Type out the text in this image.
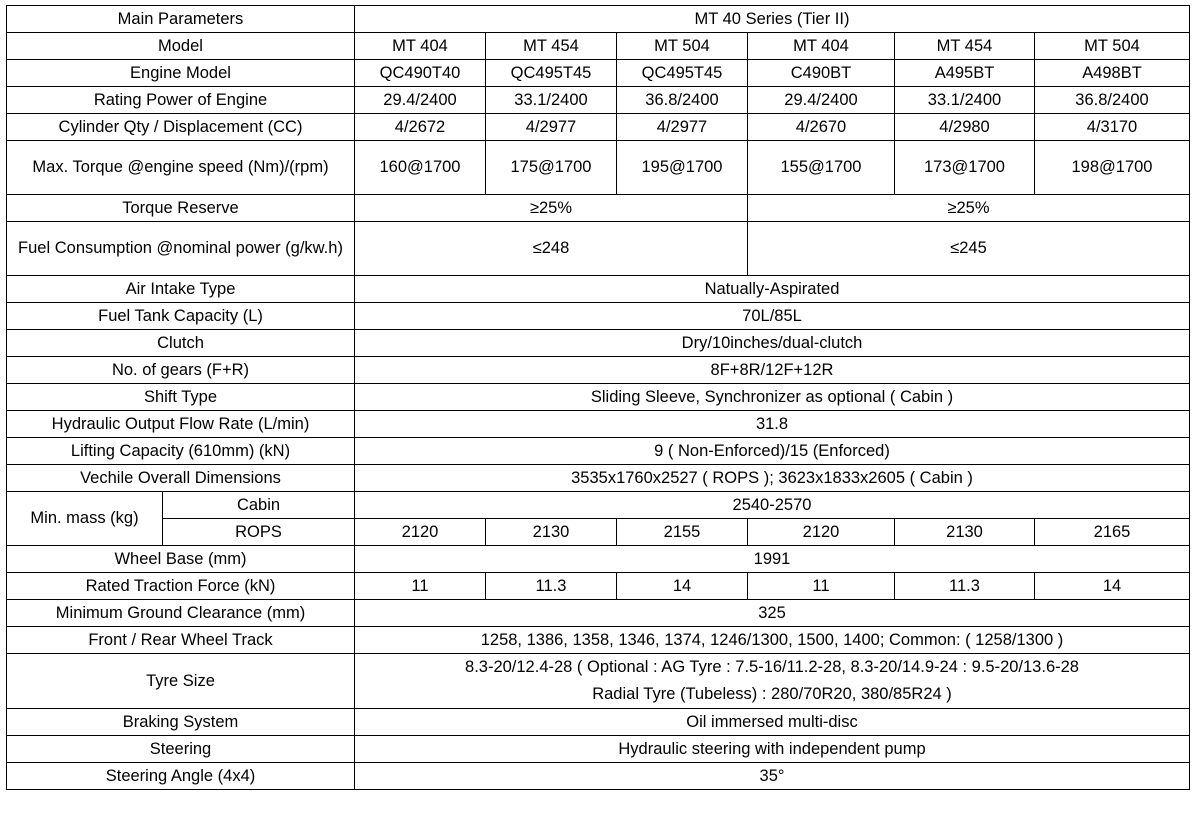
Main Parameters		MT 40 Series (Tier II)					
Model		MT 404	MT 454	MT 504	MT 404	MT 454	MT 504
Engine Model		QC490T40	QC495T45	QC495T45	C490BT	A495BT	A498BT
Rating Power of Engine		29.4/2400	33.1/2400	36.8/2400	29.4/2400	33.1/2400	36.8/2400
Cylinder Qty / Displacement (CC)		4/2672	4/2977	4/2977	4/2670	4/2980	4/3170
Max. Torque @engine speed (Nm)/(rpm)		160@1700	175@1700	195@1700	155@1700	173@1700	198@1700
Torque Reserve		≥25%			≥25%		
Fuel Consumption @nominal power (g/kw.h)		≤248			≤245		
Air Intake Type		Natually-Aspirated					
Fuel Tank Capacity (L)		70L/85L					
Clutch		Dry/10inches/dual-clutch					
No. of gears (F+R)		8F+8R/12F+12R					
Shift Type		Sliding Sleeve, Synchronizer as optional ( Cabin )					
Hydraulic Output Flow Rate (L/min)		31.8					
Lifting Capacity (610mm) (kN)		9 ( Non-Enforced)/15 (Enforced)					
Vechile Overall Dimensions		3535x1760x2527 ( ROPS ); 3623x1833x2605 ( Cabin )					
Min. mass (kg)	Cabin	2540-2570					
	ROPS	2120	2130	2155	2120	2130	2165
Wheel Base (mm)		1991					
Rated Traction Force (kN)		11	11.3	14	11	11.3	14
Minimum Ground Clearance (mm)		325					
Front / Rear Wheel Track		1258, 1386, 1358, 1346, 1374, 1246/1300, 1500, 1400; Common: ( 1258/1300 )					
Tyre Size		8.3-20/12.4-28 ( Optional : AG Tyre : 7.5-16/11.2-28, 8.3-20/14.9-24 : 9.5-20/13.6-28
Radial Tyre (Tubeless) : 280/70R20, 380/85R24 )					

Braking System		Oil immersed multi-disc					
Steering		Hydraulic steering with independent pump					
Steering Angle (4x4)		35°					
